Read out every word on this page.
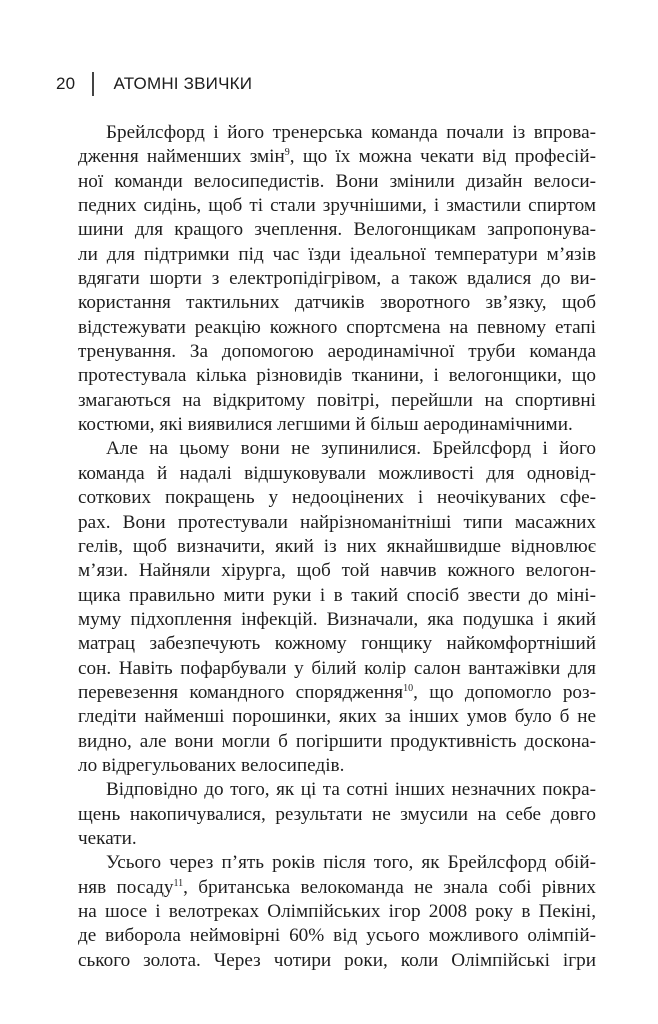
20 АТОМНІ ЗВИЧКИ
Брейлсфорд і його тренерська команда почали із впрова-
дження найменших змін$^9$, що їх можна чекати від професій-
ної команди велосипедистів. Вони змінили дизайн велоси-
педних сидінь, щоб ті стали зручнішими, і змастили спиртом
шини для кращого зчеплення. Велогонщикам запропонува-
ли для підтримки під час їзди ідеальної температури м’язів
вдягати шорти з електропідігрівом, а також вдалися до ви-
користання тактильних датчиків зворотного зв’язку, щоб
відстежувати реакцію кожного спортсмена на певному етапі
тренування. За допомогою аеродинамічної труби команда
протестувала кілька різновидів тканини, і велогонщики, що
змагаються на відкритому повітрі, перейшли на спортивні
костюми, які виявилися легшими й більш аеродинамічними.
Але на цьому вони не зупинилися. Брейлсфорд і його
команда й надалі відшуковували можливості для одновід-
соткових покращень у недооцінених і неочікуваних сфе-
рах. Вони протестували найрізноманітніші типи масажних
гелів, щоб визначити, який із них якнайшвидше відновлює
м’язи. Найняли хірурга, щоб той навчив кожного велогон-
щика правильно мити руки і в такий спосіб звести до міні-
муму підхоплення інфекцій. Визначали, яка подушка і який
матрац забезпечують кожному гонщику найкомфортніший
сон. Навіть пофарбували у білий колір салон вантажівки для
перевезення командного спорядження$^{10}$, що допомогло роз-
гледіти найменші порошинки, яких за інших умов було б не
видно, але вони могли б погіршити продуктивність доскона-
ло відрегульованих велосипедів.
Відповідно до того, як ці та сотні інших незначних покра-
щень накопичувалися, результати не змусили на себе довго
чекати.
Усього через п’ять років після того, як Брейлсфорд обій-
няв посаду$^{11}$, британська велокоманда не знала собі рівних
на шосе і велотреках Олімпійських ігор 2008 року в Пекіні,
де виборола неймовірні 60% від усього можливого олімпій-
ського золота. Через чотири роки, коли Олімпійські ігри
